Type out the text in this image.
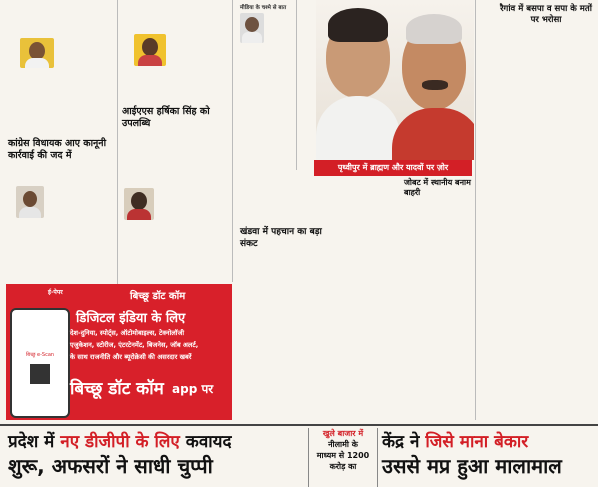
कांग्रेस विधायक आए कानूनी कार्रवाई की जद में
आईएएस हर्षिका सिंह को उपलब्धि
मीडिया के चश्मे से बात	रैगांव में बसपा व सपा के मतों पर भरोसा
पृथ्वीपुर में ब्राह्मण और यादवों पर ज़ोर
खंडवा में पहचान का बड़ा संकट
जोबट में स्थानीय बनाम बाहरी
बिच्छू e-Scan
ई-पेपर	बिच्छू डॉट कॉम
डिजिटल इंडिया के लिए
देश-दुनिया, स्पोर्ट्स, ऑटोमोबाइल्स, टेक्नोलॉजी
एजुकेशन, स्टोरीज, एंटरटेनमेंट, बिजनेस, जॉब अलर्ट,
के साथ राजनीति और ब्यूरोक्रेसी की असरदार खबरें
बिच्छू डॉट कॉम app पर
प्रदेश में नए डीजीपी के लिए कवायद
शुरू, अफसरों ने साधी चुप्पी
खुले बाजार में
नीलामी के
माध्यम से 1200
करोड़ का
केंद्र ने जिसे माना बेकार
उससे मप्र हुआ मालामाल
